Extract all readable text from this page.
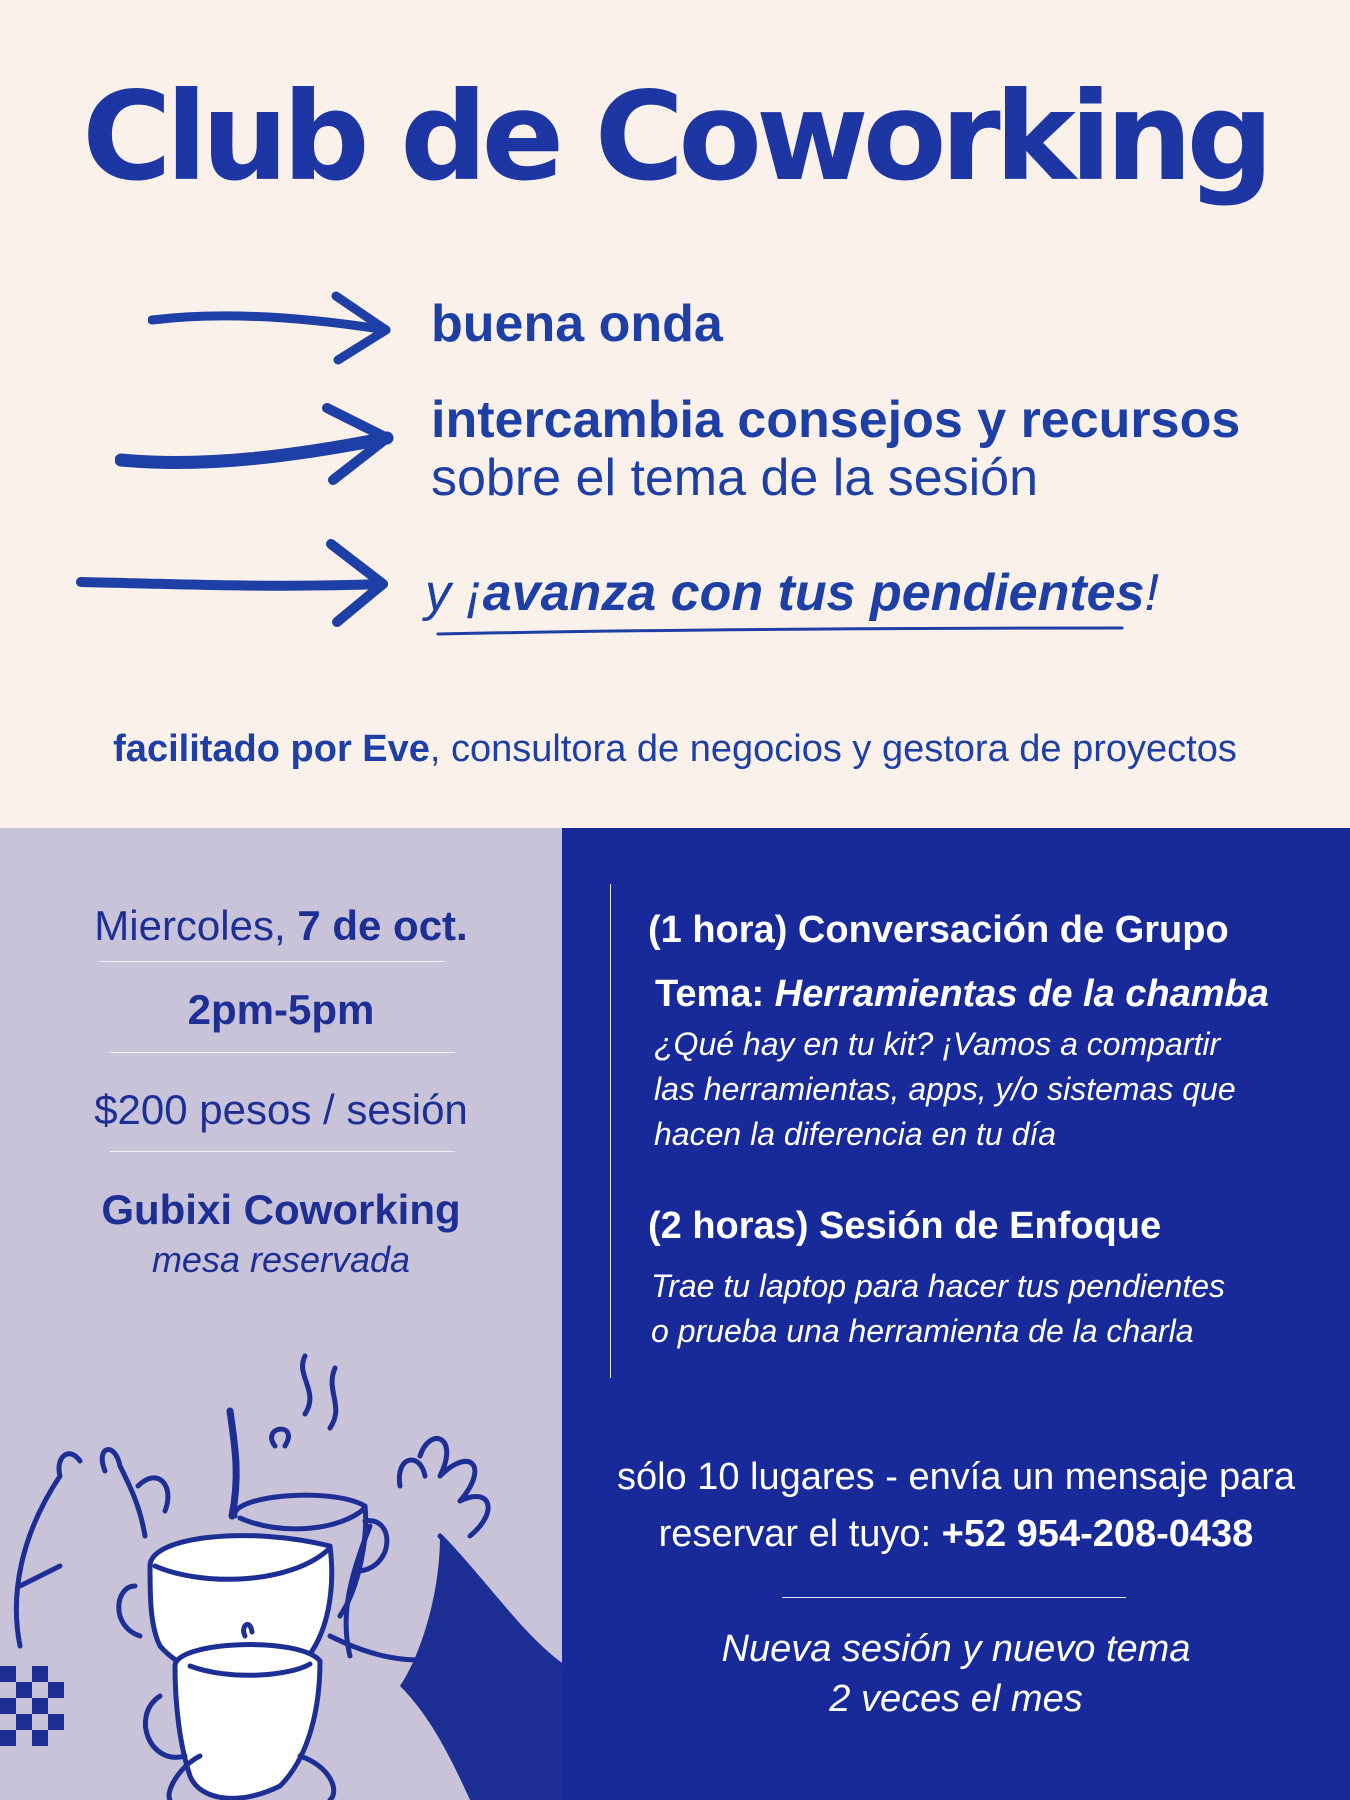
Club de Coworking
buena onda
intercambia consejos y recursos
sobre el tema de la sesión
y ¡avanza con tus pendientes!
facilitado por Eve, consultora de negocios y gestora de proyectos
Miercoles, 7 de oct.
2pm-5pm
$200 pesos / sesión
Gubixi Coworking
mesa reservada
(1 hora) Conversación de Grupo
Tema: Herramientas de la chamba
¿Qué hay en tu kit? ¡Vamos a compartir
las herramientas, apps, y/o sistemas que
hacen la diferencia en tu día
(2 horas) Sesión de Enfoque
Trae tu laptop para hacer tus pendientes
o prueba una herramienta de la charla
sólo 10 lugares - envía un mensaje para
reservar el tuyo: +52 954-208-0438
Nueva sesión y nuevo tema
2 veces el mes
